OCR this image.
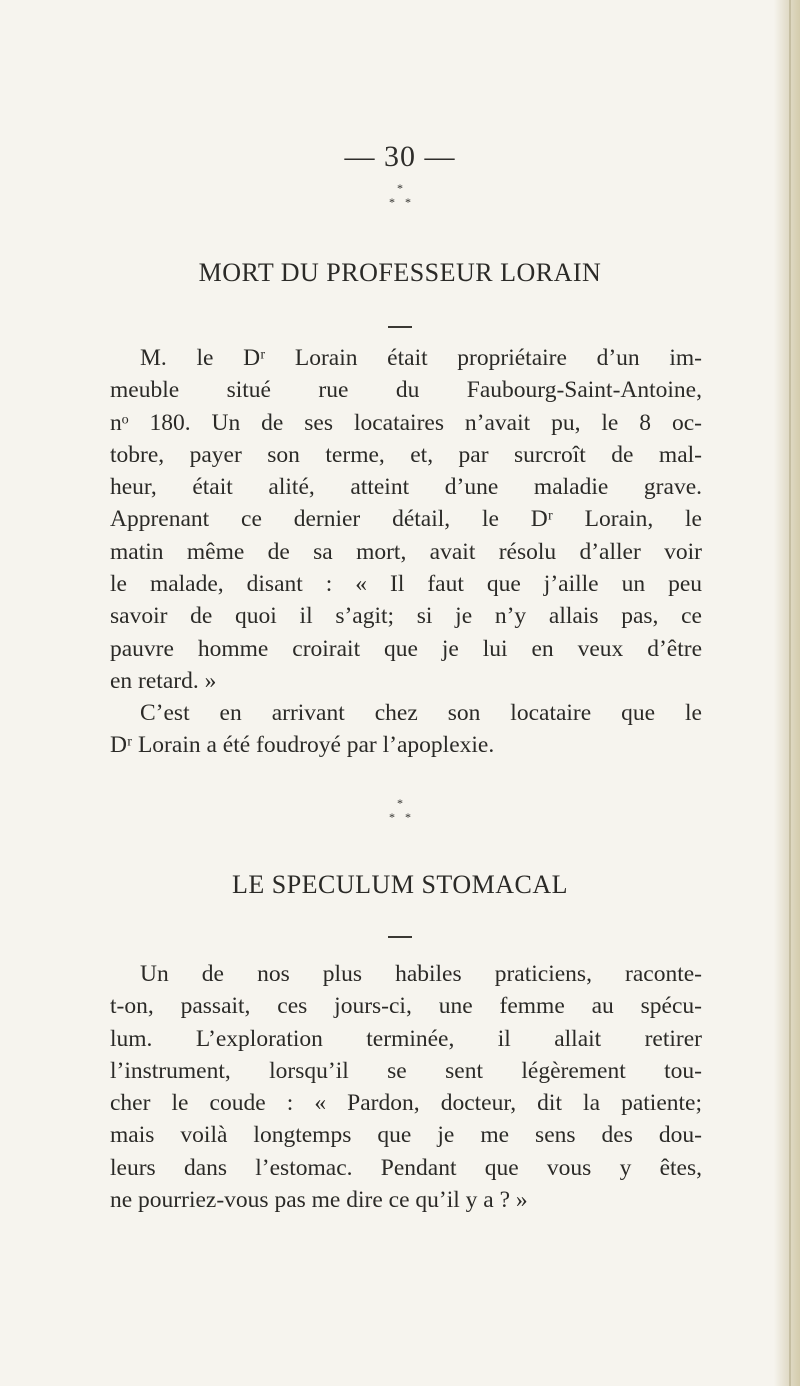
— 30 —
*
* *
MORT DU PROFESSEUR LORAIN
M. le Dʳ Lorain était propriétaire d’un im-
meuble situé rue du Faubourg-Saint-Antoine,
nᵒ 180. Un de ses locataires n’avait pu, le 8 oc-
tobre, payer son terme, et, par surcroît de mal-
heur, était alité, atteint d’une maladie grave.
Apprenant ce dernier détail, le Dʳ Lorain, le
matin même de sa mort, avait résolu d’aller voir
le malade, disant : « Il faut que j’aille un peu
savoir de quoi il s’agit; si je n’y allais pas, ce
pauvre homme croirait que je lui en veux d’être
en retard. »
C’est en arrivant chez son locataire que le
Dʳ Lorain a été foudroyé par l’apoplexie.
*
* *
LE SPECULUM STOMACAL
Un de nos plus habiles praticiens, raconte-
t-on, passait, ces jours-ci, une femme au spécu-
lum. L’exploration terminée, il allait retirer
l’instrument, lorsqu’il se sent légèrement tou-
cher le coude : « Pardon, docteur, dit la patiente;
mais voilà longtemps que je me sens des dou-
leurs dans l’estomac. Pendant que vous y êtes,
ne pourriez-vous pas me dire ce qu’il y a ? »
